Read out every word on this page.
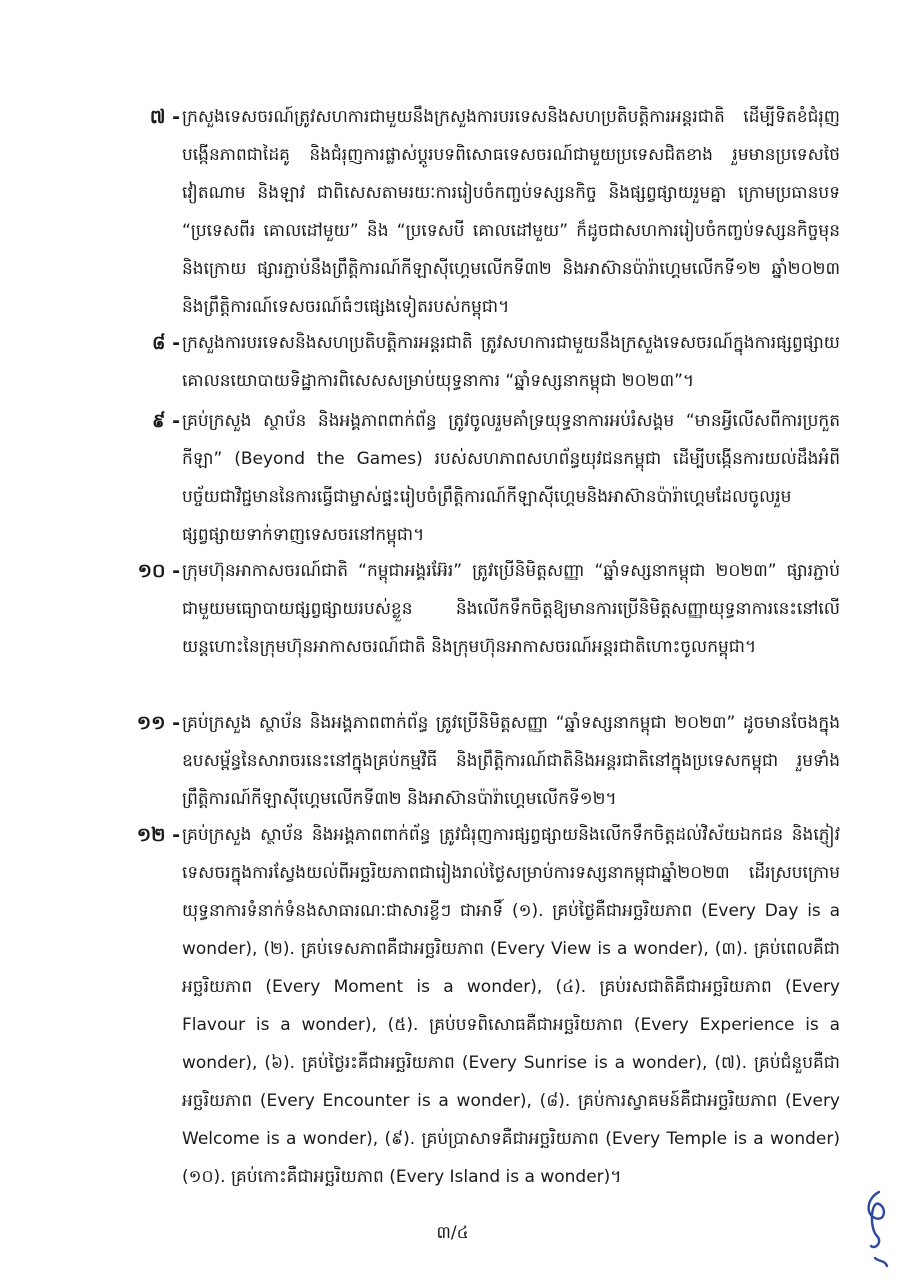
៧ - ក្រសួងទេសចរណ៍ត្រូវសហការជាមួយនឹងក្រសួងការបរទេសនិងសហប្រតិបត្តិការអន្តរជាតិ ដើម្បីទិតខំជំរុញបង្កើនភាពជាដៃគូ និងជំរុញការផ្លាស់ប្តូរបទពិសោធទេសចរណ៍ជាមួយប្រទេសជិតខាង រួមមានប្រទេសថៃ វៀតណាម និងឡាវ ជាពិសេសតាមរយៈការរៀបចំកញ្ចប់ទស្សនកិច្ច និងផ្សព្វផ្សាយរួមគ្នា ក្រោមប្រធានបទ “ប្រទេសពីរ គោលដៅមួយ” និង “ប្រទេសបី គោលដៅមួយ” ក៏ដូចជាសហការរៀបចំកញ្ចប់ទស្សនកិច្ចមុននិងក្រោយ ផ្សារភ្ជាប់នឹងព្រឹត្តិការណ៍កីឡាស៊ីហ្គេមលើកទី៣២ និងអាស៊ានប៉ារ៉ាហ្គេមលើកទី១២ ឆ្នាំ២០២៣ និងព្រឹត្តិការណ៍ទេសចរណ៍ធំៗផ្សេងទៀតរបស់កម្ពុជា។
៨ - ក្រសួងការបរទេសនិងសហប្រតិបត្តិការអន្តរជាតិ ត្រូវសហការជាមួយនឹងក្រសួងទេសចរណ៍ក្នុងការផ្សព្វផ្សាយគោលនយោបាយទិដ្ឋាការពិសេសសម្រាប់យុទ្ធនាការ “ឆ្នាំទស្សនាកម្ពុជា ២០២៣”។
៩ - គ្រប់ក្រសួង ស្ថាប័ន និងអង្គភាពពាក់ព័ន្ធ ត្រូវចូលរួមគាំទ្រយុទ្ធនាការអប់រំសង្គម “មានអ្វីលើសពីការប្រកួតកីឡា” (Beyond the Games) របស់សហភាពសហព័ន្ធយុវជនកម្ពុជា ដើម្បីបង្កើនការយល់ដឹងអំពីបច្ច័យជាវិជ្ជមាននៃការធ្វើជាម្ចាស់ផ្ទះរៀបចំព្រឹត្តិការណ៍កីឡាស៊ីហ្គេមនិងអាស៊ានប៉ារ៉ាហ្គេមដែលចូលរួមផ្សព្វផ្សាយទាក់ទាញទេសចរនៅកម្ពុជា។
១០ - ក្រុមហ៊ុនអាកាសចរណ៍ជាតិ “កម្ពុជាអង្គរអ៊ែរ” ត្រូវប្រើនិមិត្តសញ្ញា “ឆ្នាំទស្សនាកម្ពុជា ២០២៣” ផ្សារភ្ជាប់ជាមួយមធ្យោបាយផ្សព្វផ្សាយរបស់ខ្លួន និងលើកទឹកចិត្តឱ្យមានការប្រើនិមិត្តសញ្ញាយុទ្ធនាការនេះនៅលើយន្តហោះនៃក្រុមហ៊ុនអាកាសចរណ៍ជាតិ និងក្រុមហ៊ុនអាកាសចរណ៍អន្តរជាតិហោះចូលកម្ពុជា។
១១ - គ្រប់ក្រសួង ស្ថាប័ន និងអង្គភាពពាក់ព័ន្ធ ត្រូវប្រើនិមិត្តសញ្ញា “ឆ្នាំទស្សនាកម្ពុជា ២០២៣” ដូចមានចែងក្នុងឧបសម្ព័ន្ធនៃសារាចរនេះនៅក្នុងគ្រប់កម្មវិធី និងព្រឹត្តិការណ៍ជាតិនិងអន្តរជាតិនៅក្នុងប្រទេសកម្ពុជា រួមទាំងព្រឹត្តិការណ៍កីឡាស៊ីហ្គេមលើកទី៣២ និងអាស៊ានប៉ារ៉ាហ្គេមលើកទី១២។
១២ - គ្រប់ក្រសួង ស្ថាប័ន និងអង្គភាពពាក់ព័ន្ធ ត្រូវជំរុញការផ្សព្វផ្សាយនិងលើកទឹកចិត្តដល់វិស័យឯកជន និងភ្ញៀវទេសចរក្នុងការស្វែងយល់ពីអច្ឆរិយភាពជារៀងរាល់ថ្ងៃសម្រាប់ការទស្សនាកម្ពុជាឆ្នាំ២០២៣ ដើរស្របក្រោមយុទ្ធនាការទំនាក់ទំនងសាធារណៈជាសារខ្លីៗ ជាអាទិ៍ (១). គ្រប់ថ្ងៃគឺជាអច្ឆរិយភាព (Every Day is a wonder), (២). គ្រប់ទេសភាពគឺជាអច្ឆរិយភាព (Every View is a wonder), (៣). គ្រប់ពេលគឺជាអច្ឆរិយភាព (Every Moment is a wonder), (៤). គ្រប់រសជាតិគឺជាអច្ឆរិយភាព (Every Flavour is a wonder), (៥). គ្រប់បទពិសោធគឺជាអច្ឆរិយភាព (Every Experience is a wonder), (៦). គ្រប់ថ្ងៃរះគឺជាអច្ឆរិយភាព (Every Sunrise is a wonder), (៧). គ្រប់ជំនួបគឺជាអច្ឆរិយភាព (Every Encounter is a wonder), (៨). គ្រប់ការស្វាគមន៍គឺជាអច្ឆរិយភាព (Every Welcome is a wonder), (៩). គ្រប់ប្រាសាទគឺជាអច្ឆរិយភាព (Every Temple is a wonder) (១០). គ្រប់កោះគឺជាអច្ឆរិយភាព (Every Island is a wonder)។
៣/៤
